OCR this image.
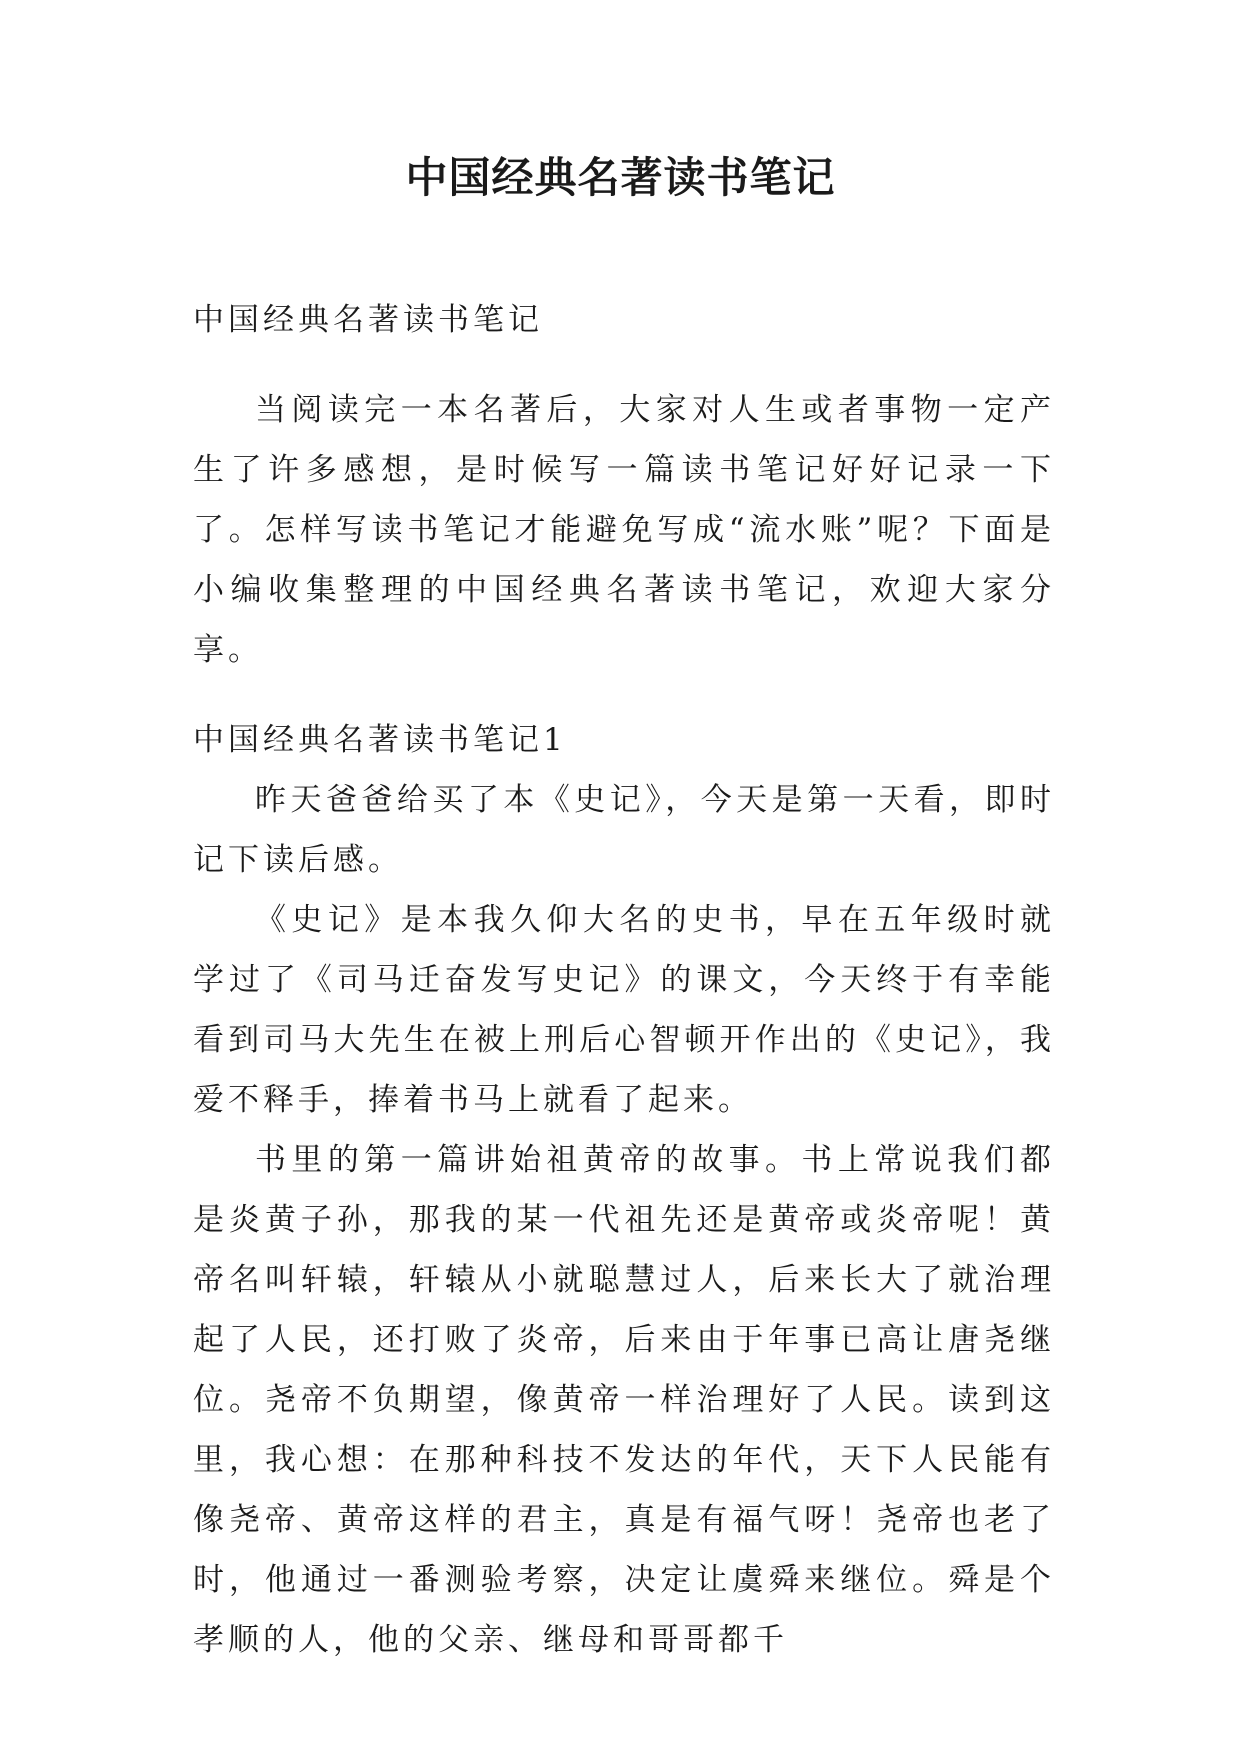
中国经典名著读书笔记

中国经典名著读书笔记

当阅读完一本名著后，大家对人生或者事物一定产生了许多感想，是时候写一篇读书笔记好好记录一下了。怎样写读书笔记才能避免写成“流水账”呢？下面是小编收集整理的中国经典名著读书笔记，欢迎大家分享。

中国经典名著读书笔记1

昨天爸爸给买了本《史记》，今天是第一天看，即时记下读后感。

《史记》是本我久仰大名的史书，早在五年级时就学过了《司马迁奋发写史记》的课文，今天终于有幸能看到司马大先生在被上刑后心智顿开作出的《史记》，我爱不释手，捧着书马上就看了起来。

书里的第一篇讲始祖黄帝的故事。书上常说我们都是炎黄子孙，那我的某一代祖先还是黄帝或炎帝呢！黄帝名叫轩辕，轩辕从小就聪慧过人，后来长大了就治理起了人民，还打败了炎帝，后来由于年事已高让唐尧继位。尧帝不负期望，像黄帝一样治理好了人民。读到这里，我心想：在那种科技不发达的年代，天下人民能有像尧帝、黄帝这样的君主，真是有福气呀！尧帝也老了时，他通过一番测验考察，决定让虞舜来继位。舜是个孝顺的人，他的父亲、继母和哥哥都千
